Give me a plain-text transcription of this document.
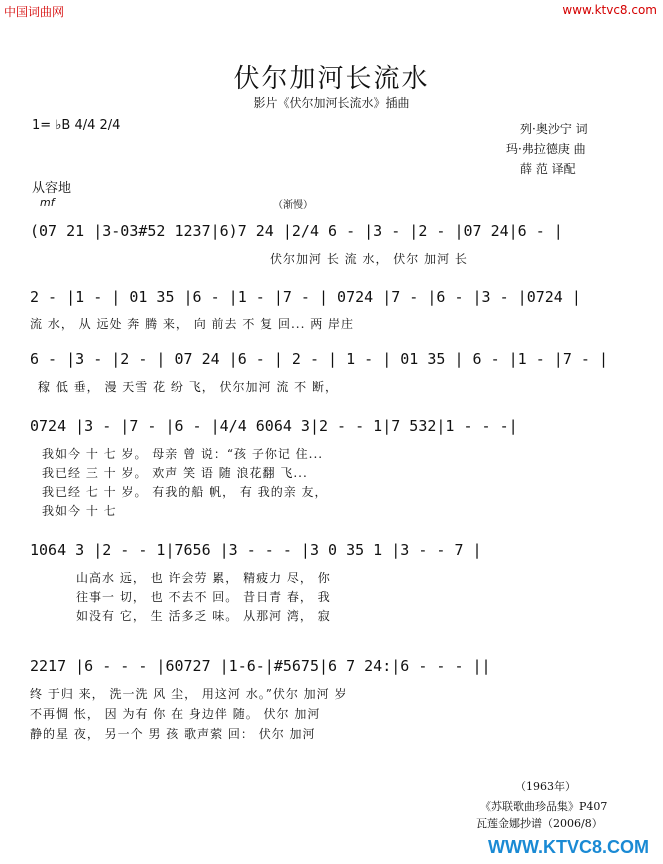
中国词曲网	www.ktvc8.com
伏尔加河长流水
影片《伏尔加河长流水》插曲
1= ♭B 4/4 2/4	列·奥沙宁 词
玛·弗拉德庚 曲
薛 范 译配
从容地
mf	（渐慢）
(07 21 |3-03#52 1237|6)7 24 |2/4 6 - |3 - |2 - |07 24|6 - |
伏尔加河 长 流 水， 伏尔 加河 长
2 - |1 - | 01 35 |6 - |1 - |7 - | 0724 |7 - |6 - |3 - |0724 |
流 水， 从 远处 奔 腾 来， 向 前去 不 复 回... 两 岸庄
6 - |3 - |2 - | 07 24 |6 - | 2 - | 1 - | 01 35 | 6 - |1 - |7 - |
稼 低 垂， 漫 天雪 花 纷 飞， 伏尔加河 流 不 断，
0724 |3 - |7 - |6 - |4/4 6064 3|2 - - 1|7 532|1 - - -|
我如今 十 七 岁。 母亲 曾 说：“孩 子你记 住...
我已经 三 十 岁。 欢声 笑 语 随 浪花翻 飞...
我已经 七 十 岁。 有我的船 帆， 有 我的亲 友，
我如今 十 七
1064 3 |2 - - 1|7656 |3 - - - |3 0 35 1 |3 - - 7 |
山高水 远， 也 许会劳 累， 精疲力 尽， 你
往事一 切， 也 不去不 回。 昔日青 春， 我
如没有 它， 生 活多乏 味。 从那河 湾， 寂
2217 |6 - - - |60727 |1-6-|#5675|6 7 24:|6 - - - ||
终 于归 来， 洗一洗 风 尘， 用这河 水。”伏尔 加河 岁
不再惆 怅， 因 为有 你 在 身边伴 随。 伏尔 加河
静的星 夜， 另一个 男 孩 歌声萦 回： 伏尔 加河
（1963年）
《苏联歌曲珍品集》P407
瓦莲金娜抄谱（2006/8）
WWW.KTVC8.COM
